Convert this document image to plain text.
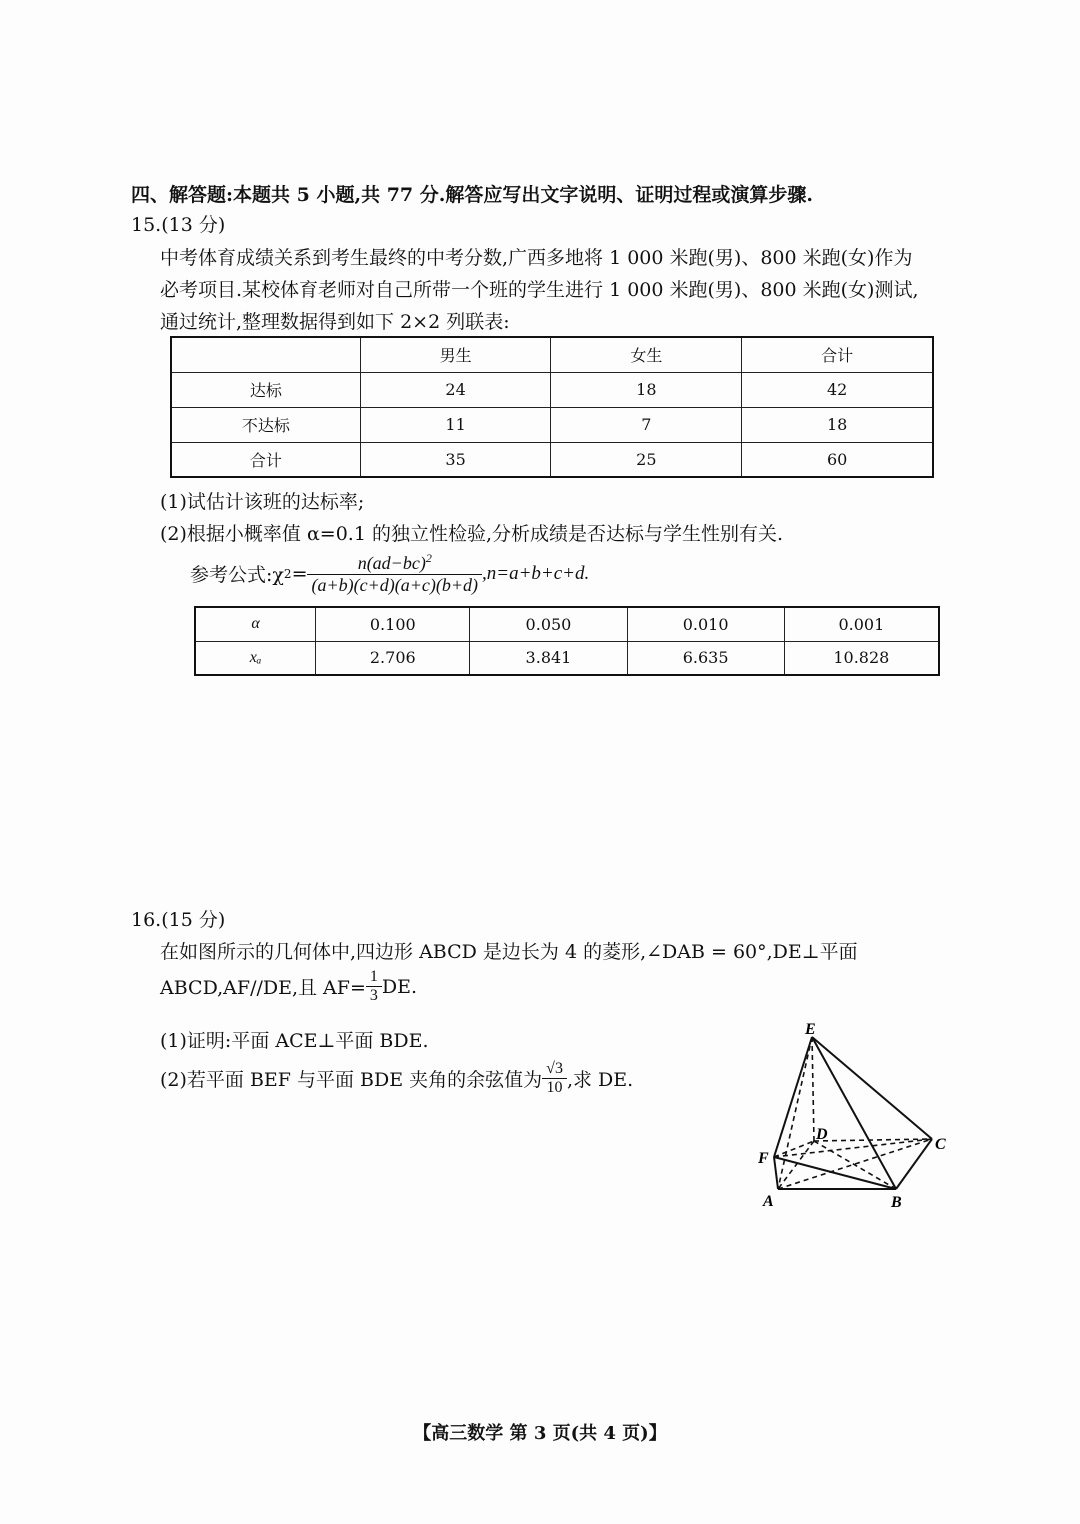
四、解答题:本题共 5 小题,共 77 分.解答应写出文字说明、证明过程或演算步骤.
15.(13 分)
中考体育成绩关系到考生最终的中考分数,广西多地将 1 000 米跑(男)、800 米跑(女)作为
必考项目.某校体育老师对自己所带一个班的学生进行 1 000 米跑(男)、800 米跑(女)测试,
通过统计,整理数据得到如下 2×2 列联表:
	男生	女生	合计
达标	24	18	42
不达标	11	7	18
合计	35	25	60
(1)试估计该班的达标率;
(2)根据小概率值 α=0.1 的独立性检验,分析成绩是否达标与学生性别有关.
参考公式:χ $2 = \frac{n(ad-bc)^2}{(a+b)(c+d)(a+c)(b+d)} ,n=a+b+c+d$.
α	0.100	0.050	0.010	0.001
xₐ	2.706	3.841	6.635	10.828
16.(15 分)
在如图所示的几何体中,四边形 ABCD 是边长为 4 的菱形,∠DAB = 60°,DE⊥平面
ABCD,AF//DE,且 $AF= \frac{1}{3}$ DE.
(1)证明:平面 ACE⊥平面 BDE.
(2)若平面 BEF 与平面 BDE 夹角的余弦值为 $\frac{√3}{10}$ ,求 DE.
E
D
C
F
A	B
【高三数学 第 3 页(共 4 页)】
